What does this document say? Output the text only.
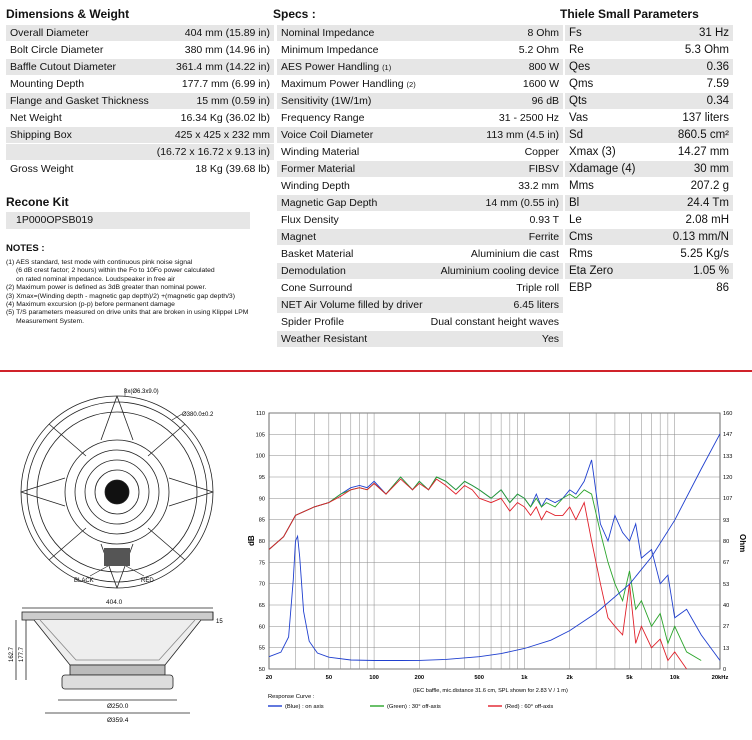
Dimensions & Weight	Specs :	Thiele Small Parameters
Overall Diameter	404 mm (15.89 in)
Bolt Circle Diameter	380 mm (14.96 in)
Baffle Cutout Diameter	361.4 mm (14.22 in)
Mounting Depth	177.7 mm (6.99 in)
Flange and Gasket Thickness	15 mm (0.59 in)
Net Weight	16.34 Kg (36.02 lb)
Shipping Box	425 x 425 x 232 mm
	(16.72 x 16.72 x 9.13 in)
Gross Weight	18 Kg (39.68 lb)
Recone Kit
1P000OPSB019
NOTES :
(1) AES standard, test mode with continuous pink noise signal
(6 dB crest factor; 2 hours) within the Fo to 10Fo power calculated
on rated nominal impedance. Loudspeaker in free air
(2) Maximum power is defined as 3dB greater than nominal power.
(3) Xmax=(Winding depth - magnetic gap depth)/2) +(magnetic gap depth/3)
(4) Maximum excursion (p-p) before permanent damage
(5) T/S parameters measured on drive units that are broken in using Klippel LPM
Measurement System.
Nominal Impedance	8 Ohm
Minimum Impedance	5.2 Ohm
AES Power Handling (1)	800 W
Maximum Power Handling (2)	1600 W
Sensitivity (1W/1m)	96 dB
Frequency Range	31 - 2500 Hz
Voice Coil Diameter	113 mm (4.5 in)
Winding Material	Copper
Former Material	FIBSV
Winding Depth	33.2 mm
Magnetic Gap Depth	14 mm (0.55 in)
Flux Density	0.93 T
Magnet	Ferrite
Basket Material	Aluminium die cast
Demodulation	Aluminium cooling device
Cone Surround	Triple roll
NET Air Volume filled by driver	6.45 liters
Spider Profile	Dual constant height waves
Weather Resistant	Yes
Fs	31 Hz
Re	5.3 Ohm
Qes	0.36
Qms	7.59
Qts	0.34
Vas	137 liters
Sd	860.5 cm²
Xmax (3)	14.27 mm
Xdamage (4)	30 mm
Mms	207.2 g
Bl	24.4 Tm
Le	2.08 mH
Cms	0.13 mm/N
Rms	5.25 Kg/s
Eta Zero	1.05 %
EBP	86
BLACK	RED
8x(Ø6.3x9.0)
Ø380.0±0.2
404.0
15
162.7 177.7
Ø250.0
Ø359.4
50
55
60
65
70
75
80
85
90
95
100
105
110
0
13
27
40
53
67
80
93
107
120
133
147
160
20	50	100	200	500	1k	2k	5k	10k	20kHz
dB	Ohm
(IEC baffle, mic.distance 31.6 cm, SPL shown for 2.83 V / 1 m)
Response Curve :
(Blue) : on axis	(Green) : 30° off-axis	(Red) : 60° off-axis
